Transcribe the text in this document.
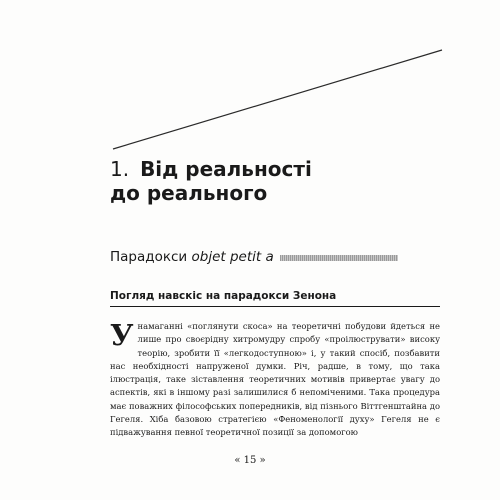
1. Від реальності
до реального
Парадокси objet petit a
Погляд навскіс на парадокси Зенона

Унамаганні «поглянути скоса» на теоретичні побудови йдеться не лише про своєрідну хитромудру спробу «проілюструвати» високу теорію, зробити її «легкодоступною» і, у такий спосіб, позбавити нас необхідності напруженої думки. Річ, радше, в тому, що така ілюстрація, таке зіставлення теоретичних мотивів привертає увагу до аспектів, які в іншому разі залишилися б непоміченими. Така процедура має поважних філософських попередників, від пізнього Віттгенштайна до Гегеля. Хіба базовою стратегією «Феноменології духу» Гегеля не є підважування певної теоретичної позиції за допомогою

« 15 »
